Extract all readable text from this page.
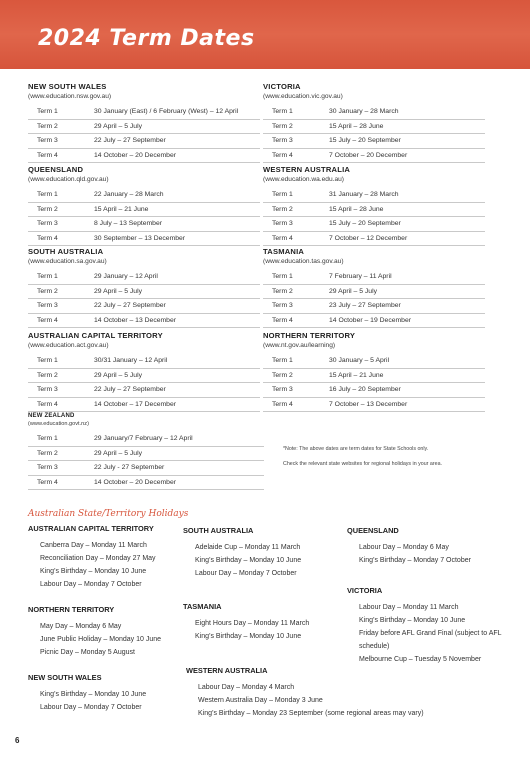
2024 Term Dates
NEW SOUTH WALES
(www.education.nsw.gov.au)
Term 1	30 January (East) / 6 February (West) – 12 April
Term 2	29 April – 5 July
Term 3	22 July – 27 September
Term 4	14 October – 20 December
VICTORIA
(www.education.vic.gov.au)
Term 1	30 January – 28 March
Term 2	15 April – 28 June
Term 3	15 July – 20 September
Term 4	7 October – 20 December
QUEENSLAND
(www.education.qld.gov.au)
Term 1	22 January – 28 March
Term 2	15 April – 21 June
Term 3	8 July – 13 September
Term 4	30 September – 13 December
WESTERN AUSTRALIA
(www.education.wa.edu.au)
Term 1	31 January – 28 March
Term 2	15 April – 28 June
Term 3	15 July – 20 September
Term 4	7 October – 12 December
SOUTH AUSTRALIA
(www.education.sa.gov.au)
Term 1	29 January – 12 April
Term 2	29 April – 5 July
Term 3	22 July – 27 September
Term 4	14 October – 13 December
TASMANIA
(www.education.tas.gov.au)
Term 1	7 February – 11 April
Term 2	29 April – 5 July
Term 3	23 July – 27 September
Term 4	14 October – 19 December
AUSTRALIAN CAPITAL TERRITORY
(www.education.act.gov.au)
Term 1	30/31 January – 12 April
Term 2	29 April – 5 July
Term 3	22 July – 27 September
Term 4	14 October – 17 December
NORTHERN TERRITORY
(www.nt.gov.au/learning)
Term 1	30 January – 5 April
Term 2	15 April – 21 June
Term 3	16 July – 20 September
Term 4	7 October – 13 December
NEW ZEALAND
(www.education.govt.nz)
Term 1	29 January/7 February – 12 April
Term 2	29 April – 5 July
Term 3	22 July - 27 September
Term 4	14 October – 20 December
*Note: The above dates are term dates for State Schools only.
Check the relevant state websites for regional holidays in your area.
Australian State/Territory Holidays
AUSTRALIAN CAPITAL TERRITORY
Canberra Day – Monday 11 March
Reconciliation Day – Monday 27 May
King’s Birthday – Monday 10 June
Labour Day – Monday 7 October
SOUTH AUSTRALIA
Adelaide Cup – Monday 11 March
King’s Birthday – Monday 10 June
Labour Day – Monday 7 October
QUEENSLAND
Labour Day – Monday 6 May
King’s Birthday – Monday 7 October
NORTHERN TERRITORY
May Day – Monday 6 May
June Public Holiday – Monday 10 June
Picnic Day – Monday 5 August
TASMANIA
Eight Hours Day – Monday 11 March
King’s Birthday – Monday 10 June
VICTORIA
Labour Day – Monday 11 March
King’s Birthday – Monday 10 June
Friday before AFL Grand Final (subject to AFL schedule)
Melbourne Cup – Tuesday 5 November
NEW SOUTH WALES
King’s Birthday – Monday 10 June
Labour Day – Monday 7 October
WESTERN AUSTRALIA
Labour Day – Monday 4 March
Western Australia Day – Monday 3 June
King’s Birthday – Monday 23 September (some regional areas may vary)
6
